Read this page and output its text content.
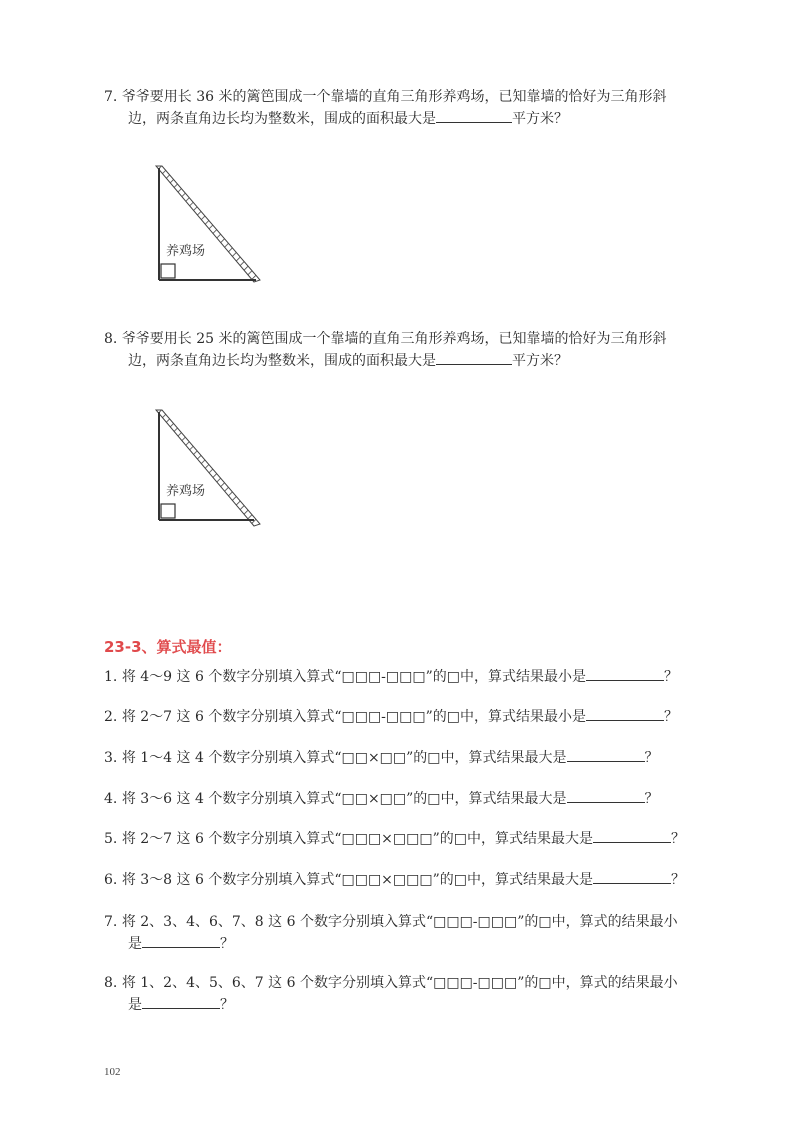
7. 爷爷要用长 36 米的篱笆围成一个靠墙的直角三角形养鸡场，已知靠墙的恰好为三角形斜
边，两条直角边长均为整数米，围成的面积最大是	平方米？
养鸡场
8. 爷爷要用长 25 米的篱笆围成一个靠墙的直角三角形养鸡场，已知靠墙的恰好为三角形斜
边，两条直角边长均为整数米，围成的面积最大是	平方米？
养鸡场
23-3、算式最值：
1. 将 4～9 这 6 个数字分别填入算式“□□□-□□□”的□中，算式结果最小是	？
2. 将 2～7 这 6 个数字分别填入算式“□□□-□□□”的□中，算式结果最小是	？
3. 将 1～4 这 4 个数字分别填入算式“□□×□□”的□中，算式结果最大是	？
4. 将 3～6 这 4 个数字分别填入算式“□□×□□”的□中，算式结果最大是	？
5. 将 2～7 这 6 个数字分别填入算式“□□□×□□□”的□中，算式结果最大是	？
6. 将 3～8 这 6 个数字分别填入算式“□□□×□□□”的□中，算式结果最大是	？
7. 将 2、3、4、6、7、8 这 6 个数字分别填入算式“□□□-□□□”的□中，算式的结果最小
是	？
8. 将 1、2、4、5、6、7 这 6 个数字分别填入算式“□□□-□□□”的□中，算式的结果最小
是	？
102
